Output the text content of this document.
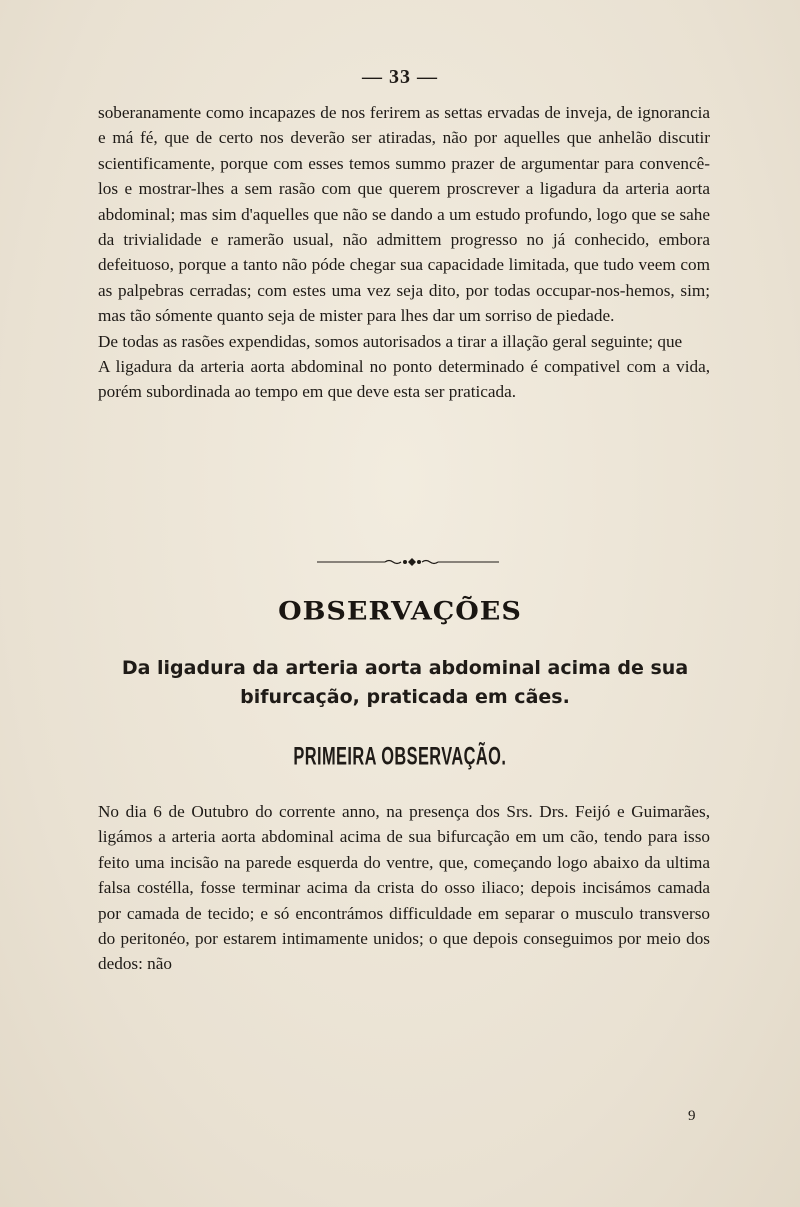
— 33 —

soberanamente como incapazes de nos ferirem as settas ervadas de inveja, de ignorancia e má fé, que de certo nos deverão ser atiradas, não por aquelles que anhelão discutir scientificamente, porque com esses temos summo prazer de argumentar para convencê-los e mostrar-lhes a sem rasão com que querem proscrever a ligadura da arteria aorta abdominal; mas sim d'aquelles que não se dando a um estudo profundo, logo que se sahe da trivialidade e ramerão usual, não admittem progresso no já conhecido, embora defeituoso, porque a tanto não póde chegar sua capacidade limitada, que tudo veem com as palpebras cerradas; com estes uma vez seja dito, por todas occupar-nos-hemos, sim; mas tão sómente quanto seja de mister para lhes dar um sorriso de piedade.

De todas as rasões expendidas, somos autorisados a tirar a illação geral seguinte; que

A ligadura da arteria aorta abdominal no ponto determinado é compativel com a vida, porém subordinada ao tempo em que deve esta ser praticada.

OBSERVAÇÕES
Da ligadura da arteria aorta abdominal acima de sua bifurcação, praticada em cães.
PRIMEIRA OBSERVAÇÃO.

No dia 6 de Outubro do corrente anno, na presença dos Srs. Drs. Feijó e Guimarães, ligámos a arteria aorta abdominal acima de sua bifurcação em um cão, tendo para isso feito uma incisão na parede esquerda do ventre, que, começando logo abaixo da ultima falsa costélla, fosse terminar acima da crista do osso iliaco; depois incisámos camada por camada de tecido; e só encontrámos difficuldade em separar o musculo transverso do peritonéo, por estarem intimamente unidos; o que depois conseguimos por meio dos dedos: não

9
